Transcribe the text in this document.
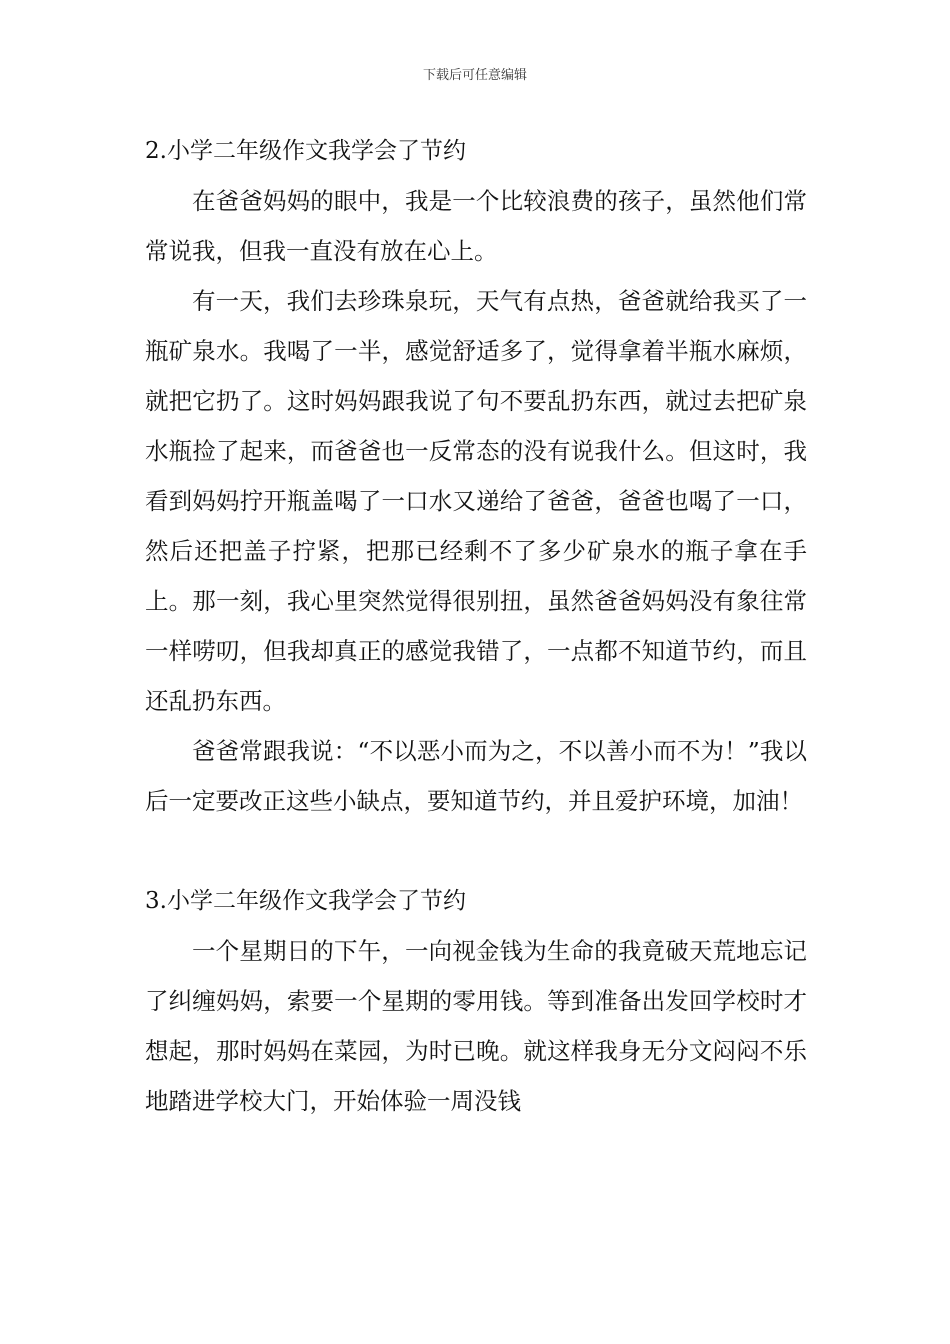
下载后可任意编辑

2.小学二年级作文我学会了节约

在爸爸妈妈的眼中，我是一个比较浪费的孩子，虽然他们常常说我，但我一直没有放在心上。

有一天，我们去珍珠泉玩，天气有点热，爸爸就给我买了一瓶矿泉水。我喝了一半，感觉舒适多了，觉得拿着半瓶水麻烦，就把它扔了。这时妈妈跟我说了句不要乱扔东西，就过去把矿泉水瓶捡了起来，而爸爸也一反常态的没有说我什么。但这时，我看到妈妈拧开瓶盖喝了一口水又递给了爸爸，爸爸也喝了一口，然后还把盖子拧紧，把那已经剩不了多少矿泉水的瓶子拿在手上。那一刻，我心里突然觉得很别扭，虽然爸爸妈妈没有象往常一样唠叨，但我却真正的感觉我错了，一点都不知道节约，而且还乱扔东西。

爸爸常跟我说：“不以恶小而为之，不以善小而不为！”我以后一定要改正这些小缺点，要知道节约，并且爱护环境，加油！

3.小学二年级作文我学会了节约

一个星期日的下午，一向视金钱为生命的我竟破天荒地忘记了纠缠妈妈，索要一个星期的零用钱。等到准备出发回学校时才想起，那时妈妈在菜园，为时已晚。就这样我身无分文闷闷不乐地踏进学校大门，开始体验一周没钱
